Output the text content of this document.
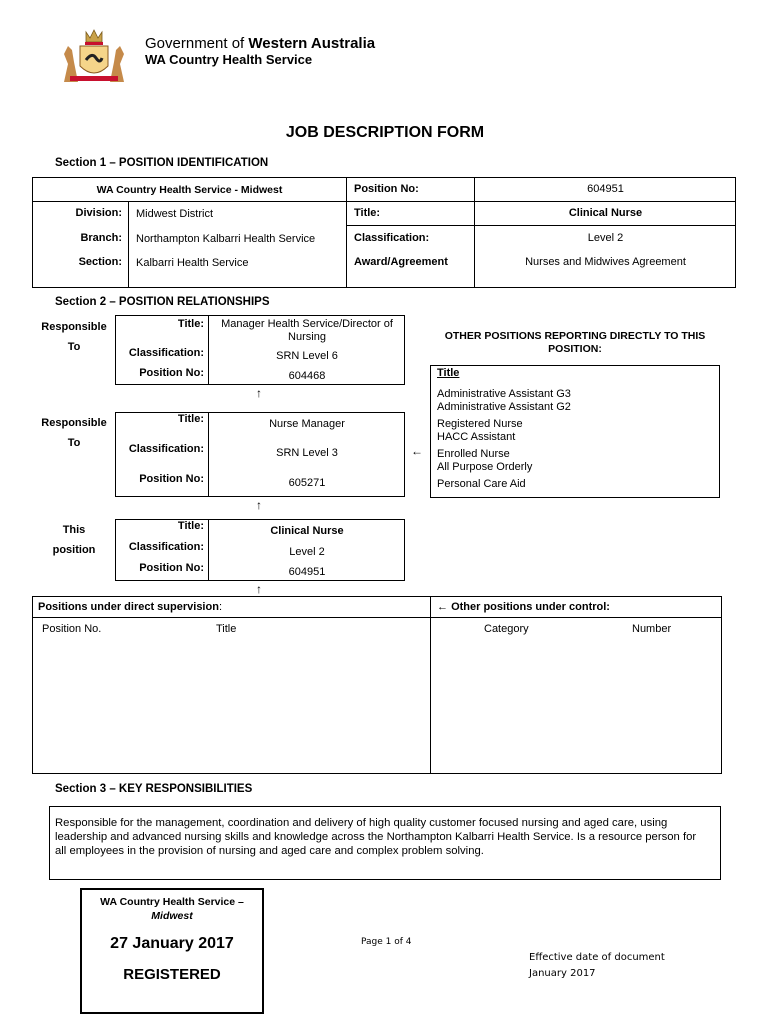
Government of Western Australia
WA Country Health Service
JOB DESCRIPTION FORM
Section 1 – POSITION IDENTIFICATION
WA Country Health Service - Midwest
Division: Midwest District
Branch: Northampton Kalbarri Health Service
Section: Kalbarri Health Service
Position No:	604951
Title:	Clinical Nurse
Classification:	Level 2
Award/Agreement	Nurses and Midwives Agreement
Section 2 – POSITION RELATIONSHIPS
Responsible
To
Title:	Manager Health Service/Director of Nursing
Classification:	SRN Level 6
Position No:	604468
↑
OTHER POSITIONS REPORTING DIRECTLY TO THIS POSITION:
Title
Administrative Assistant G3
Administrative Assistant G2
Registered Nurse
HACC Assistant
Enrolled Nurse
All Purpose Orderly
Personal Care Aid
Responsible
To
Title:	Nurse Manager
Classification:	SRN Level 3
Position No:	605271
←
↑
This
position
Title:	Clinical Nurse
Classification:	Level 2
Position No:	604951
↑
Positions under direct supervision:	← Other positions under control:
Position No.	Title	Category	Number
Section 3 – KEY RESPONSIBILITIES
Responsible for the management, coordination and delivery of high quality customer focused nursing and aged care, using leadership and advanced nursing skills and knowledge across the Northampton Kalbarri Health Service. Is a resource person for all employees in the provision of nursing and aged care and complex problem solving.
WA Country Health Service –
Midwest
27 January 2017
REGISTERED
Page 1 of 4
Effective date of document
January 2017
